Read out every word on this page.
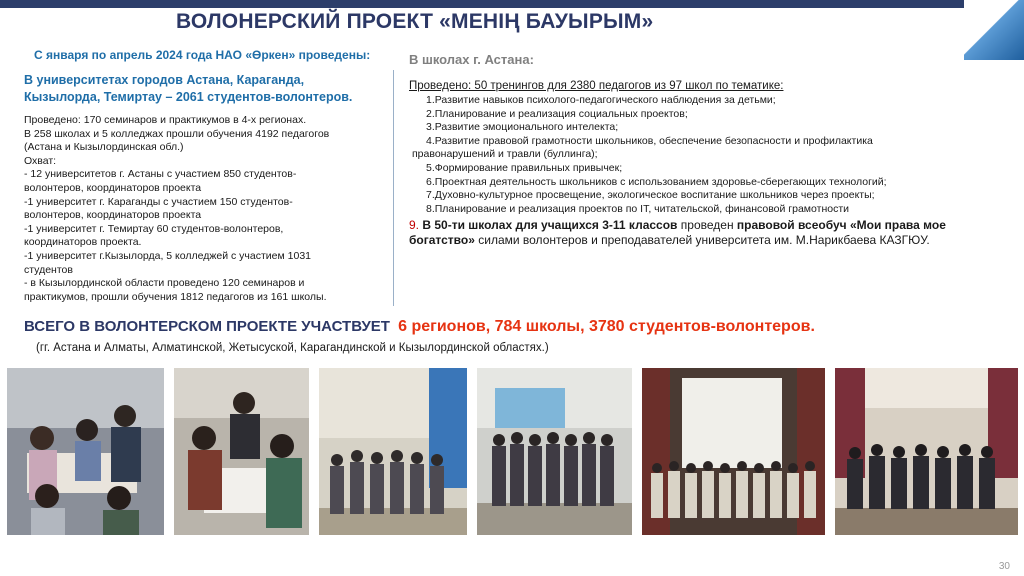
ВОЛОНЕРСКИЙ ПРОЕКТ «МЕНІҢ БАУЫРЫМ»
С января по апрель 2024 года НАО «Өркен» проведены:
В университетах городов Астана, Караганда,
Кызылорда, Темиртау – 2061 студентов-волонтеров.
Проведено: 170 семинаров и практикумов в 4-х регионах.
В 258 школах и 5 колледжах прошли обучения 4192 педагогов
(Астана и Кызылординская обл.)
Охват:
- 12 университетов г. Астаны с участием 850 студентов-
волонтеров, координаторов проекта
-1 университет г. Караганды с участием 150 студентов-
волонтеров, координаторов проекта
-1 университет г. Темиртау 60 студентов-волонтеров,
координаторов проекта.
-1 университет г.Кызылорда, 5 колледжей с участием 1031
студентов
- в Кызылординской области проведено 120 семинаров и
практикумов, прошли обучения 1812 педагогов из 161 школы.
В школах г. Астана:
Проведено: 50 тренингов для 2380 педагогов из 97 школ по тематике:
1.Развитие навыков психолого-педагогического наблюдения за детьми;
2.Планирование и реализация социальных проектов;
3.Развитие эмоционального интелекта;
4.Развитие правовой грамотности школьников, обеспечение безопасности и профилактика
правонарушений и травли (буллинга);
5.Формирование правильных привычек;
6.Проектная деятельность школьников с использованием здоровье-сберегающих технологий;
7.Духовно-культурное просвещение, экологическое воспитание школьников через проекты;
8.Планирование и реализация проектов по IT, читательской, финансовой грамотности
9. В 50-ти школах для учащихся 3-11 классов проведен правовой всеобуч «Мои права мое богатство» силами волонтеров и преподавателей университета им. М.Нарикбаева КАЗГЮУ.
ВСЕГО В ВОЛОНТЕРСКОМ ПРОЕКТЕ УЧАСТВУЕТ 6 регионов, 784 школы, 3780 студентов-волонтеров.
(гг. Астана и Алматы, Алматинской, Жетысуской, Карагандинской и Кызылординской областях.)
30
